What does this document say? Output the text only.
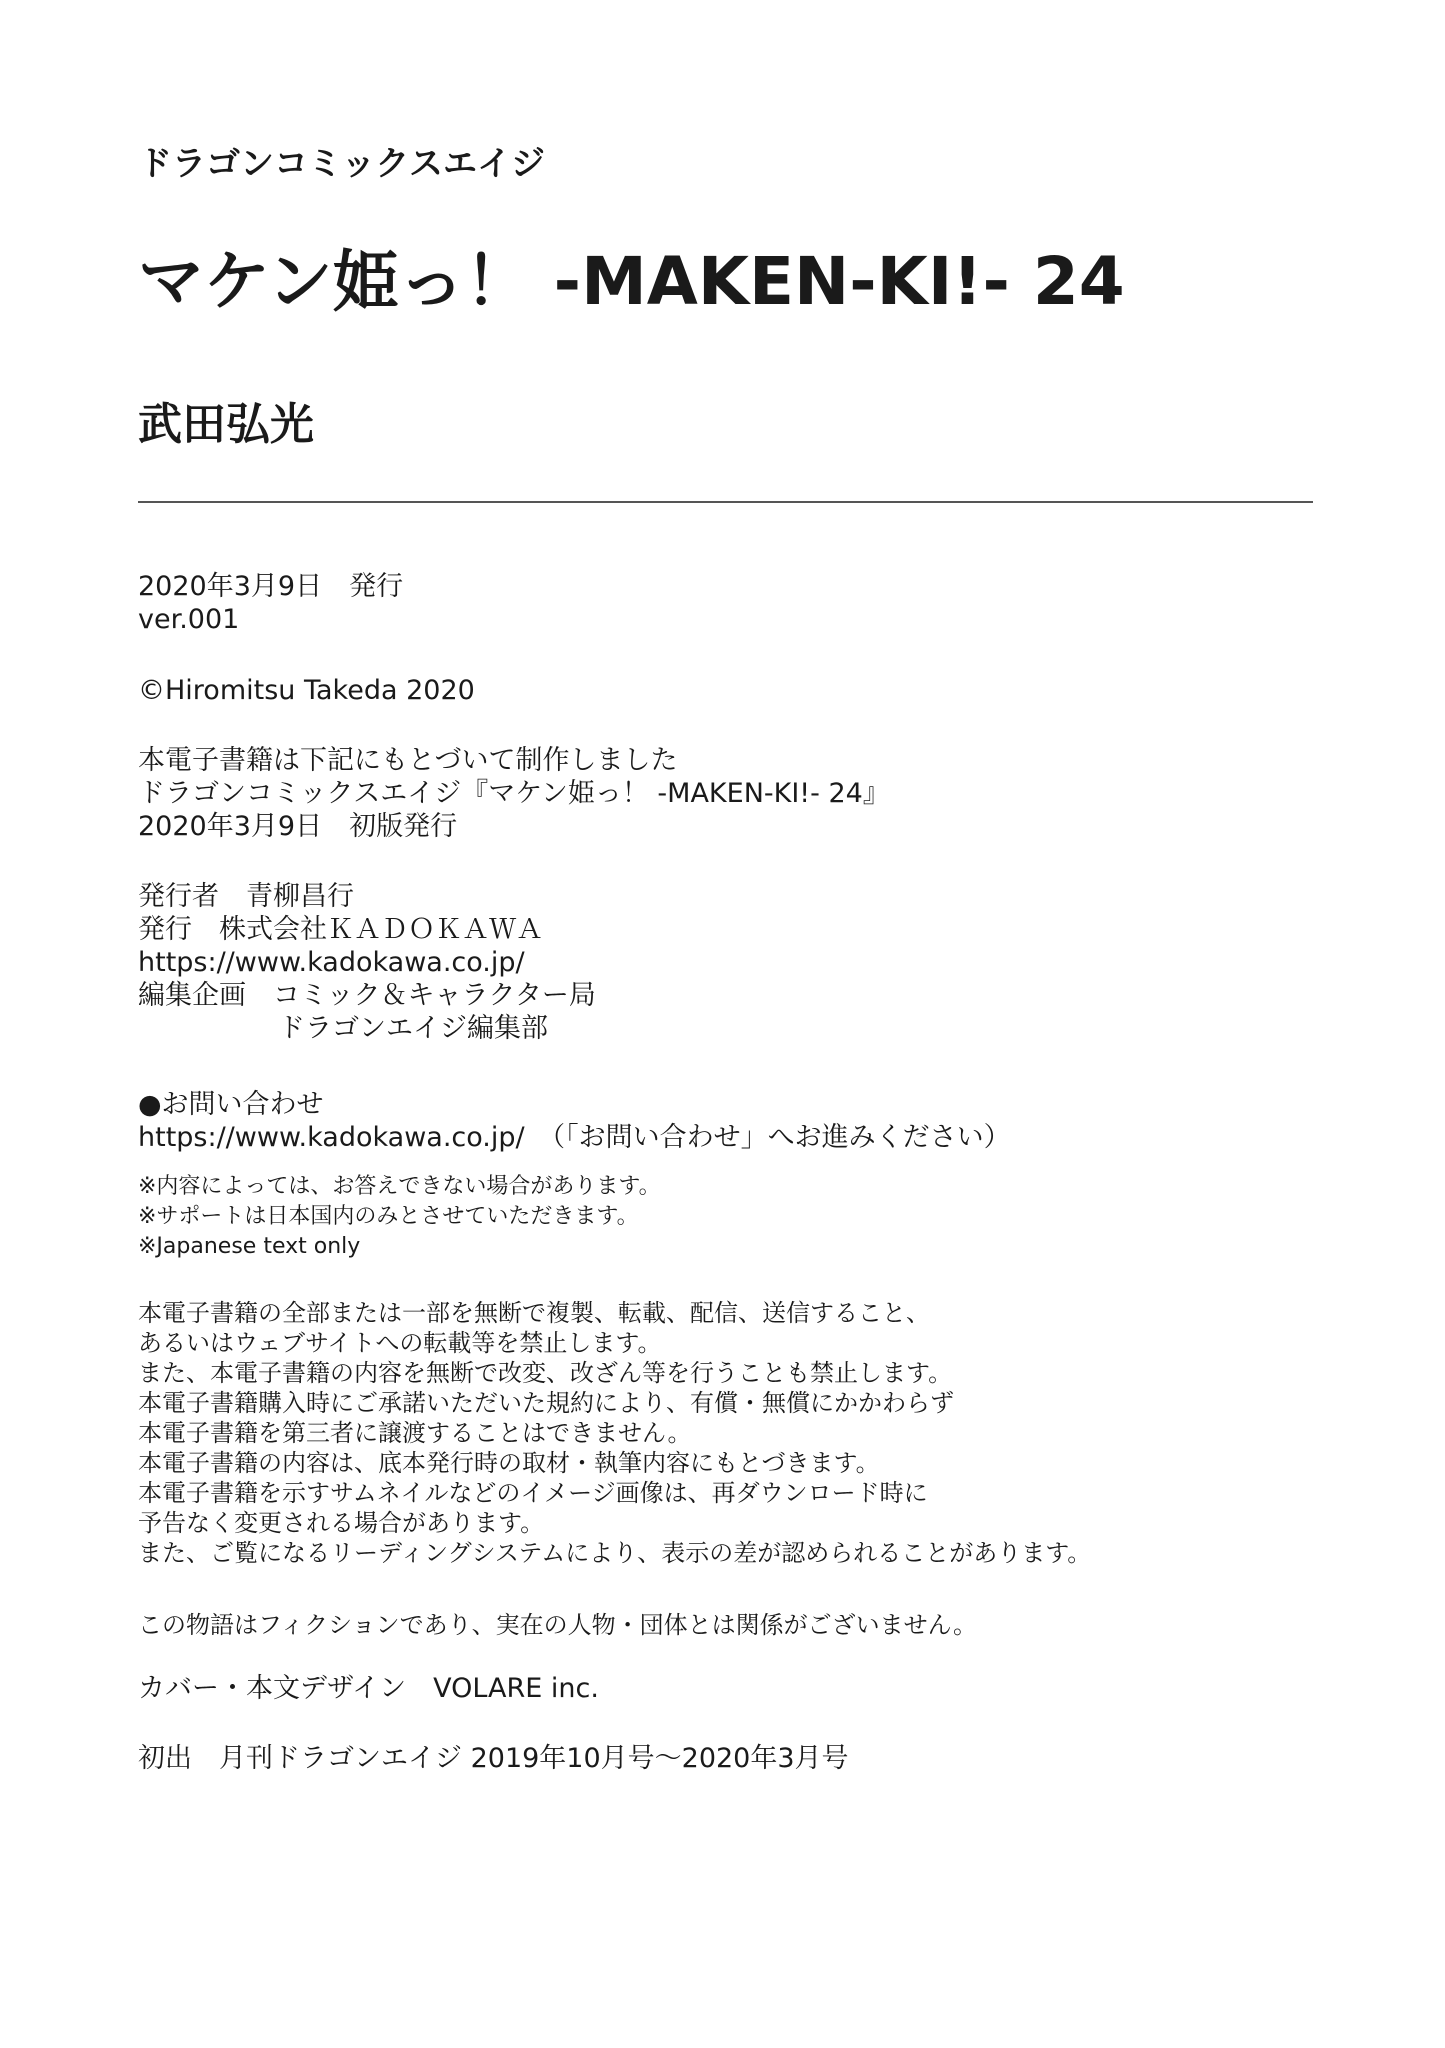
ドラゴンコミックスエイジ
マケン姫っ！ -MAKEN-KI!- 24
武田弘光
2020年3月9日　発行
ver.001
©Hiromitsu Takeda 2020
本電子書籍は下記にもとづいて制作しました
ドラゴンコミックスエイジ『マケン姫っ！ -MAKEN-KI!- 24』
2020年3月9日　初版発行
発行者　青柳昌行
発行　株式会社ＫＡＤＯＫＡＷＡ
https://www.kadokawa.co.jp/
編集企画　コミック＆キャラクター局
ドラゴンエイジ編集部
●お問い合わせ
https://www.kadokawa.co.jp/　（「お問い合わせ」へお進みください）
※内容によっては、お答えできない場合があります。
※サポートは日本国内のみとさせていただきます。
※Japanese text only
本電子書籍の全部または一部を無断で複製、転載、配信、送信すること、
あるいはウェブサイトへの転載等を禁止します。
また、本電子書籍の内容を無断で改変、改ざん等を行うことも禁止します。
本電子書籍購入時にご承諾いただいた規約により、有償・無償にかかわらず
本電子書籍を第三者に譲渡することはできません。
本電子書籍の内容は、底本発行時の取材・執筆内容にもとづきます。
本電子書籍を示すサムネイルなどのイメージ画像は、再ダウンロード時に
予告なく変更される場合があります。
また、ご覧になるリーディングシステムにより、表示の差が認められることがあります。
この物語はフィクションであり、実在の人物・団体とは関係がございません。
カバー・本文デザイン　VOLARE inc.
初出　月刊ドラゴンエイジ 2019年10月号〜2020年3月号
